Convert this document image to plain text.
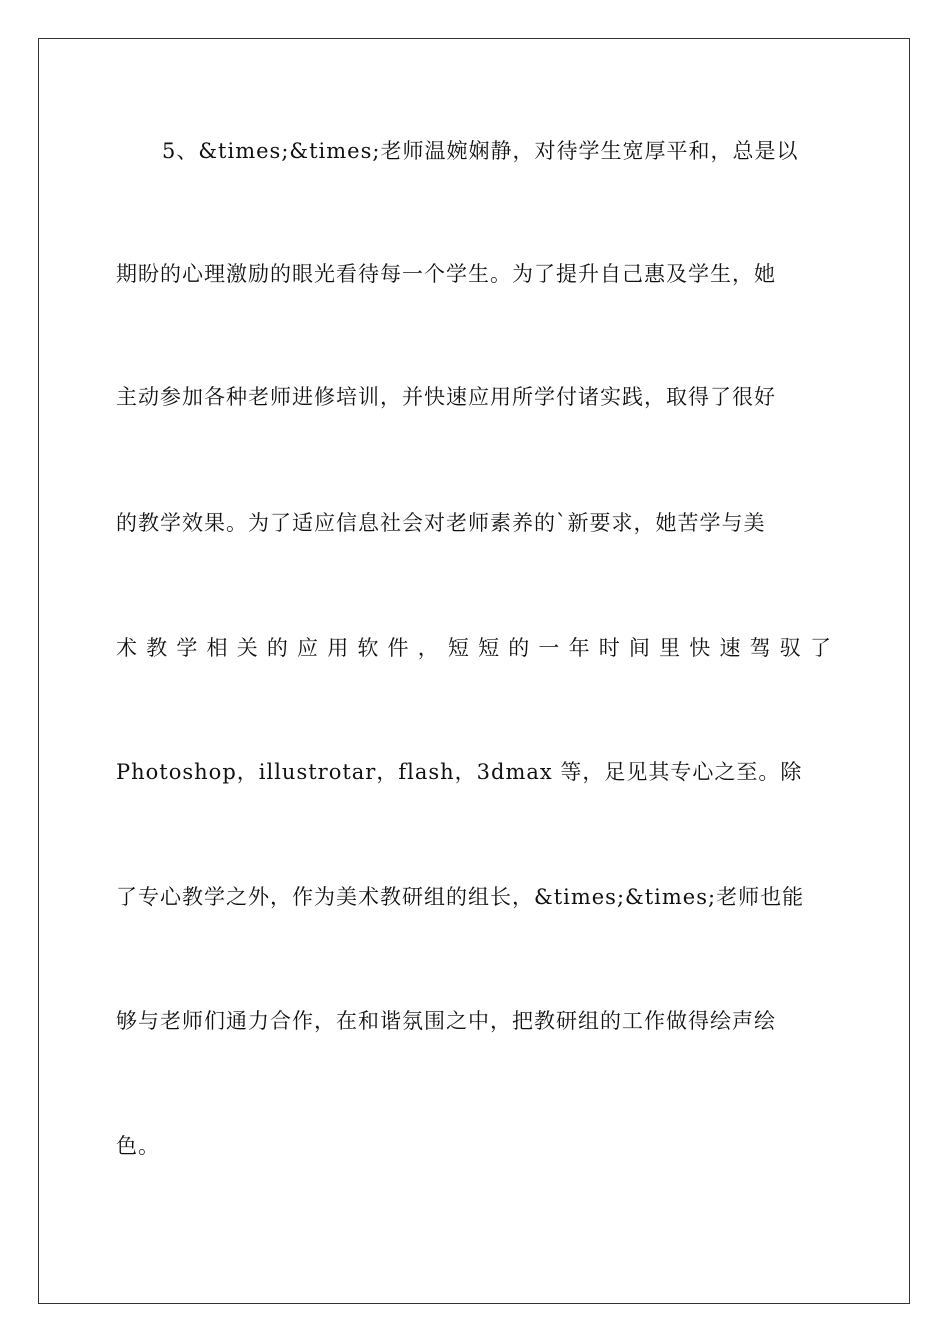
5、&times;&times;老师温婉娴静，对待学生宽厚平和，总是以
期盼的心理激励的眼光看待每一个学生。为了提升自己惠及学生，她
主动参加各种老师进修培训，并快速应用所学付诸实践，取得了很好
的教学效果。为了适应信息社会对老师素养的`新要求，她苦学与美
术 教 学 相 关 的 应 用 软 件 ， 短 短 的 一 年 时 间 里 快 速 驾 驭 了
Photoshop，illustrotar，flash，3dmax 等，足见其专心之至。除
了专心教学之外，作为美术教研组的组长，&times;&times;老师也能
够与老师们通力合作，在和谐氛围之中，把教研组的工作做得绘声绘
色。
